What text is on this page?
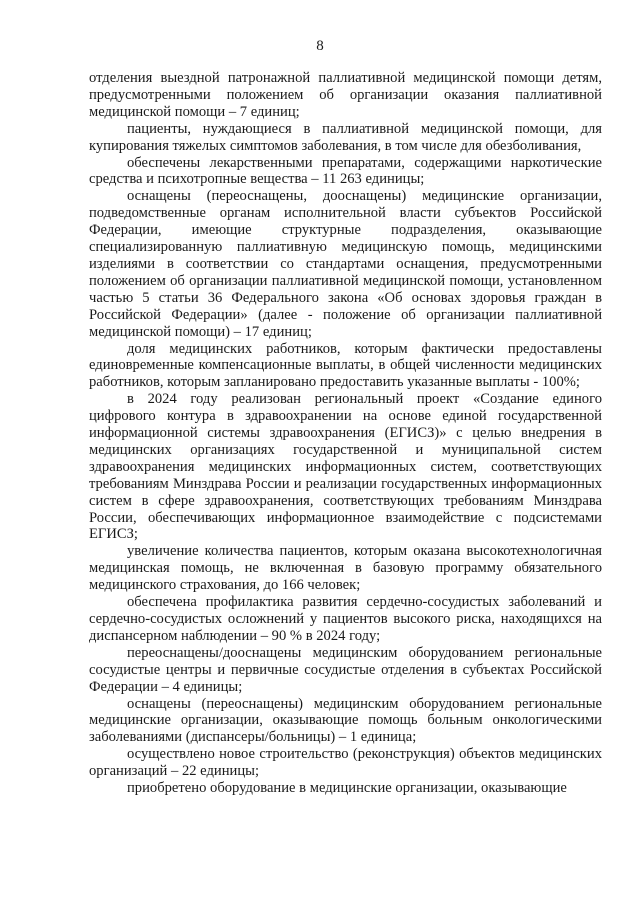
8

отделения выездной патронажной паллиативной медицинской помощи детям, предусмотренными положением об организации оказания паллиативной медицинской помощи – 7 единиц;

пациенты, нуждающиеся в паллиативной медицинской помощи, для купирования тяжелых симптомов заболевания, в том числе для обезболивания,

обеспечены лекарственными препаратами, содержащими наркотические средства и психотропные вещества – 11 263 единицы;

оснащены (переоснащены, дооснащены) медицинские организации, подведомственные органам исполнительной власти субъектов Российской Федерации, имеющие структурные подразделения, оказывающие специализированную паллиативную медицинскую помощь, медицинскими изделиями в соответствии со стандартами оснащения, предусмотренными положением об организации паллиативной медицинской помощи, установленном частью 5 статьи 36 Федерального закона «Об основах здоровья граждан в Российской Федерации» (далее - положение об организации паллиативной медицинской помощи) – 17 единиц;

доля медицинских работников, которым фактически предоставлены единовременные компенсационные выплаты, в общей численности медицинских работников, которым запланировано предоставить указанные выплаты - 100%;

в 2024 году реализован региональный проект «Создание единого цифрового контура в здравоохранении на основе единой государственной информационной системы здравоохранения (ЕГИСЗ)» с целью внедрения в медицинских организациях государственной и муниципальной систем здравоохранения медицинских информационных систем, соответствующих требованиям Минздрава России и реализации государственных информационных систем в сфере здравоохранения, соответствующих требованиям Минздрава России, обеспечивающих информационное взаимодействие с подсистемами ЕГИСЗ;

увеличение количества пациентов, которым оказана высокотехнологичная медицинская помощь, не включенная в базовую программу обязательного медицинского страхования, до 166 человек;

обеспечена профилактика развития сердечно-сосудистых заболеваний и сердечно-сосудистых осложнений у пациентов высокого риска, находящихся на диспансерном наблюдении – 90 % в 2024 году;

переоснащены/дооснащены медицинским оборудованием региональные сосудистые центры и первичные сосудистые отделения в субъектах Российской Федерации – 4 единицы;

оснащены (переоснащены) медицинским оборудованием региональные медицинские организации, оказывающие помощь больным онкологическими заболеваниями (диспансеры/больницы) – 1 единица;

осуществлено новое строительство (реконструкция) объектов медицинских организаций – 22 единицы;

приобретено оборудование в медицинские организации, оказывающие
